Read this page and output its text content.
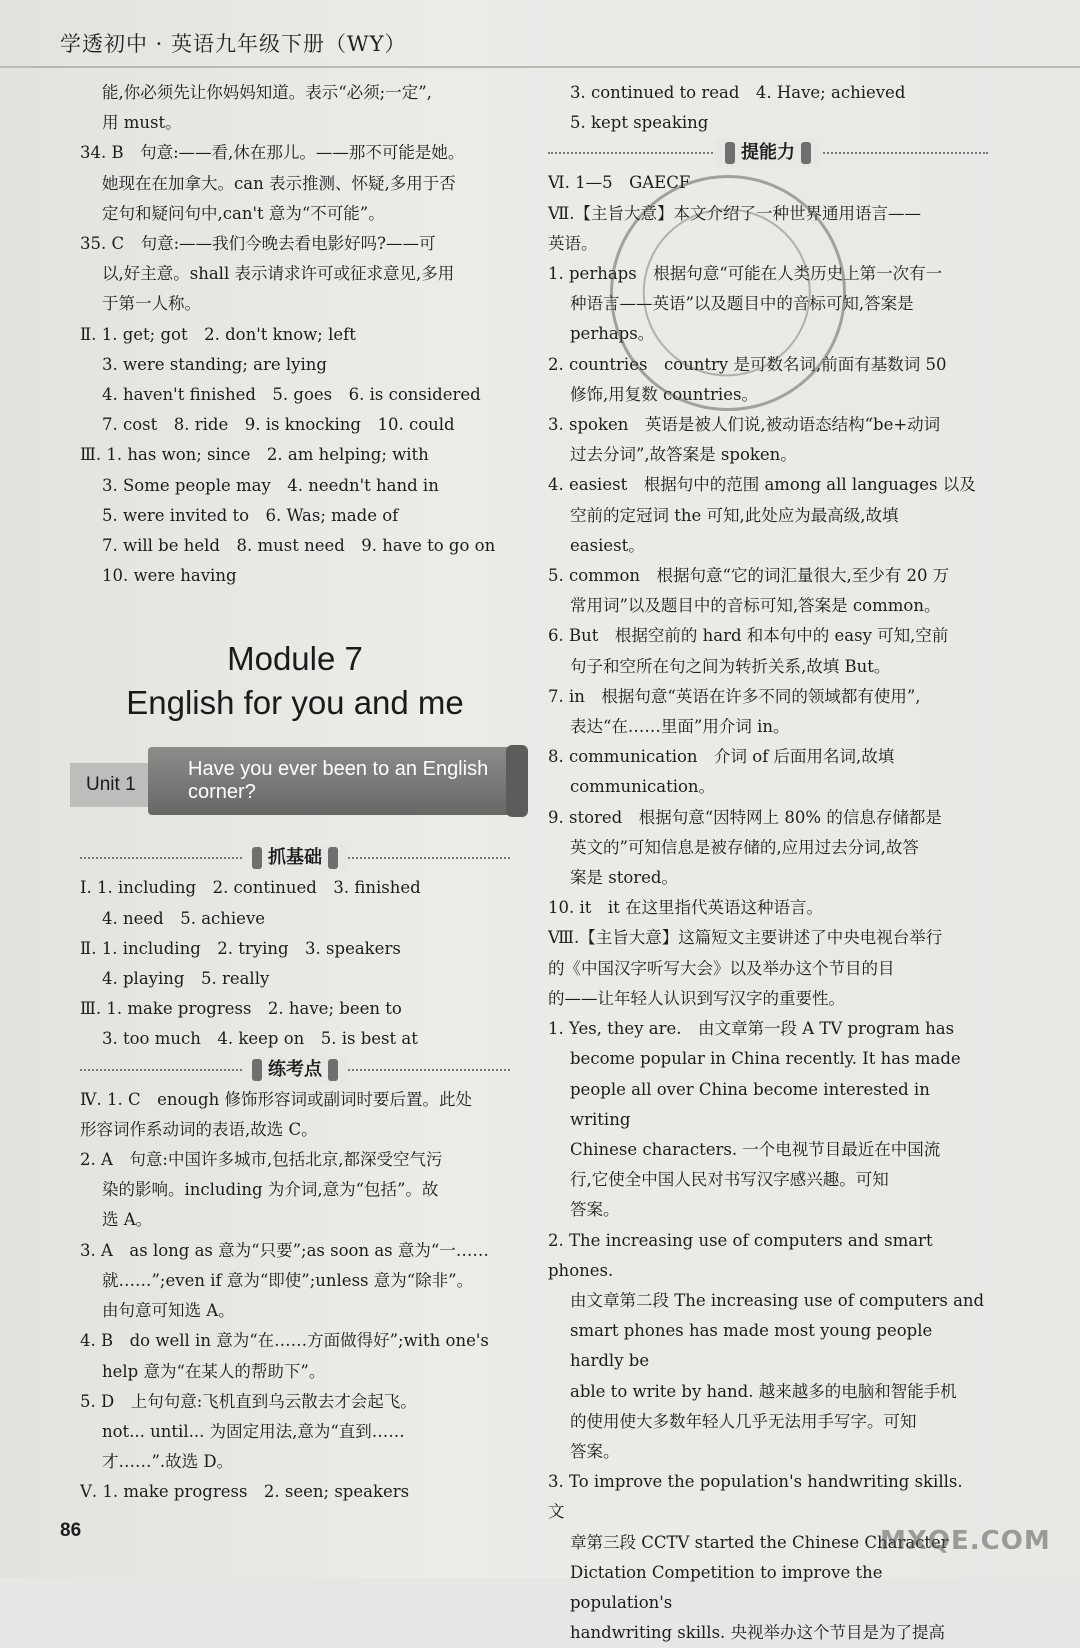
学透初中 · 英语九年级下册（WY）

能,你必须先让你妈妈知道。表示“必须;一定”,

用 must。

34. B　句意:——看,休在那儿。——那不可能是她。

她现在在加拿大。can 表示推测、怀疑,多用于否

定句和疑问句中,can't 意为“不可能”。

35. C　句意:——我们今晚去看电影好吗?——可

以,好主意。shall 表示请求许可或征求意见,多用

于第一人称。

Ⅱ. 1. get; got　2. don't know; left

3. were standing; are lying

4. haven't finished　5. goes　6. is considered

7. cost　8. ride　9. is knocking　10. could

Ⅲ. 1. has won; since　2. am helping; with

3. Some people may　4. needn't hand in

5. were invited to　6. Was; made of

7. will be held　8. must need　9. have to go on

10. were having

Module 7
English for you and me
Unit 1
Have you ever been to an English corner?
抓基础

Ⅰ. 1. including　2. continued　3. finished

4. need　5. achieve

Ⅱ. 1. including　2. trying　3. speakers

4. playing　5. really

Ⅲ. 1. make progress　2. have; been to

3. too much　4. keep on　5. is best at

练考点

Ⅳ. 1. C　enough 修饰形容词或副词时要后置。此处

形容词作系动词的表语,故选 C。

2. A　句意:中国许多城市,包括北京,都深受空气污

染的影响。including 为介词,意为“包括”。故

选 A。

3. A　as long as 意为“只要”;as soon as 意为“一……

就……”;even if 意为“即使”;unless 意为“除非”。

由句意可知选 A。

4. B　do well in 意为“在……方面做得好”;with one's

help 意为“在某人的帮助下”。

5. D　上句句意:飞机直到乌云散去才会起飞。

not... until... 为固定用法,意为“直到……

才……”.故选 D。

Ⅴ. 1. make progress　2. seen; speakers

3. continued to read　4. Have; achieved

5. kept speaking

提能力

Ⅵ. 1—5　GAECF

Ⅶ.【主旨大意】本文介绍了一种世界通用语言——

英语。

1. perhaps　根据句意“可能在人类历史上第一次有一

种语言——英语”以及题目中的音标可知,答案是

perhaps。

2. countries　country 是可数名词,前面有基数词 50

修饰,用复数 countries。

3. spoken　英语是被人们说,被动语态结构“be+动词

过去分词”,故答案是 spoken。

4. easiest　根据句中的范围 among all languages 以及

空前的定冠词 the 可知,此处应为最高级,故填

easiest。

5. common　根据句意“它的词汇量很大,至少有 20 万

常用词”以及题目中的音标可知,答案是 common。

6. But　根据空前的 hard 和本句中的 easy 可知,空前

句子和空所在句之间为转折关系,故填 But。

7. in　根据句意“英语在许多不同的领域都有使用”,

表达“在……里面”用介词 in。

8. communication　介词 of 后面用名词,故填

communication。

9. stored　根据句意“因特网上 80% 的信息存储都是

英文的”可知信息是被存储的,应用过去分词,故答

案是 stored。

10. it　it 在这里指代英语这种语言。

Ⅷ.【主旨大意】这篇短文主要讲述了中央电视台举行

的《中国汉字听写大会》以及举办这个节目的目

的——让年轻人认识到写汉字的重要性。

1. Yes, they are.　由文章第一段 A TV program has

become popular in China recently. It has made

people all over China become interested in writing

Chinese characters. 一个电视节目最近在中国流

行,它使全中国人民对书写汉字感兴趣。可知

答案。

2. The increasing use of computers and smart phones.

由文章第二段 The increasing use of computers and

smart phones has made most young people hardly be

able to write by hand. 越来越多的电脑和智能手机

的使用使大多数年轻人几乎无法用手写字。可知

答案。

3. To improve the population's handwriting skills.　文

章第三段 CCTV started the Chinese Character

Dictation Competition to improve the population's

handwriting skills. 央视举办这个节目是为了提高

86	MXQE.COM
